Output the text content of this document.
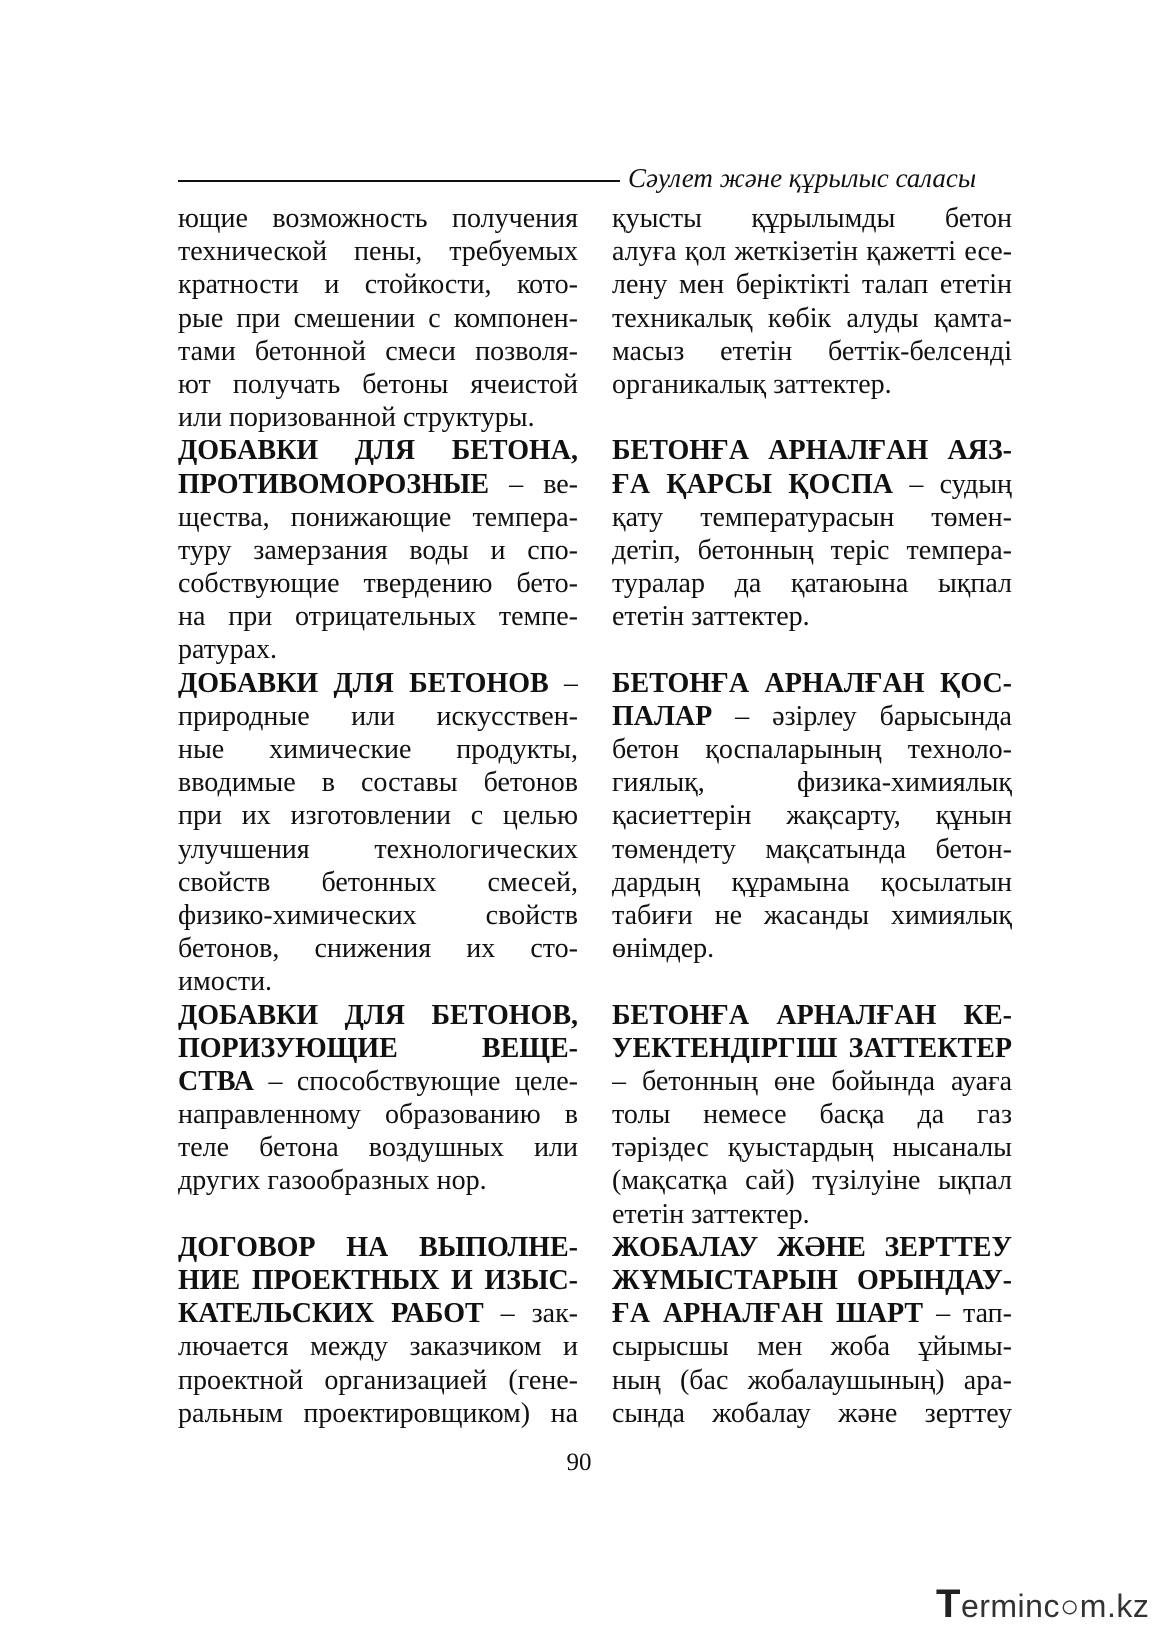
Сәулет және құрылыс саласы
ющие возможность получения
технической пены, требуемых
кратности и стойкости, кото-
рые при смешении с компонен-
тами бетонной смеси позволя-
ют получать бетоны ячеистой
или поризованной структуры.
ДОБАВКИ ДЛЯ БЕТОНА,
ПРОТИВОМОРОЗНЫЕ – ве-
щества, понижающие темпера-
туру замерзания воды и спо-
собствующие твердению бето-
на при отрицательных темпе-
ратурах.
ДОБАВКИ ДЛЯ БЕТОНОВ –
природные или искусствен-
ные химические продукты,
вводимые в составы бетонов
при их изготовлении с целью
улучшения технологических
свойств бетонных смесей,
физико-химических свойств
бетонов, снижения их сто-
имости.
ДОБАВКИ ДЛЯ БЕТОНОВ,
ПОРИЗУЮЩИЕ ВЕЩЕ-
СТВА – способствующие целе-
направленному образованию в
теле бетона воздушных или
других газообразных нор.
ДОГОВОР НА ВЫПОЛНЕ-
НИЕ ПРОЕКТНЫХ И ИЗЫС-
КАТЕЛЬСКИХ РАБОТ – зак-
лючается между заказчиком и
проектной организацией (гене-
ральным проектировщиком) на
қуысты құрылымды бетон
алуға қол жеткізетін қажетті есе-
лену мен беріктікті талап ететін
техникалық көбік алуды қамта-
масыз ететін беттік-белсенді
органикалық заттектер.
БЕТОНҒА АРНАЛҒАН АЯЗ-
ҒА ҚАРСЫ ҚОСПА – судың
қату температурасын төмен-
детіп, бетонның теріс темпера-
туралар да қатаюына ықпал
ететін заттектер.
БЕТОНҒА АРНАЛҒАН ҚОС-
ПАЛАР – әзірлеу барысында
бетон қоспаларының техноло-
гиялық, физика-химиялық
қасиеттерін жақсарту, құнын
төмендету мақсатында бетон-
дардың құрамына қосылатын
табиғи не жасанды химиялық
өнімдер.
БЕТОНҒА АРНАЛҒАН КЕ-
УЕКТЕНДІРГІШ ЗАТТЕКТЕР
– бетонның өне бойында ауаға
толы немесе басқа да газ
тәріздес қуыстардың нысаналы
(мақсатқа сай) түзілуіне ықпал
ететін заттектер.
ЖОБАЛАУ ЖӘНЕ ЗЕРТТЕУ
ЖҰМЫСТАРЫН ОРЫНДАУ-
ҒА АРНАЛҒАН ШАРТ – тап-
сырысшы мен жоба ұйымы-
ның (бас жобалаушының) ара-
сында жобалау және зерттеу
90
Terminc○m.kz
